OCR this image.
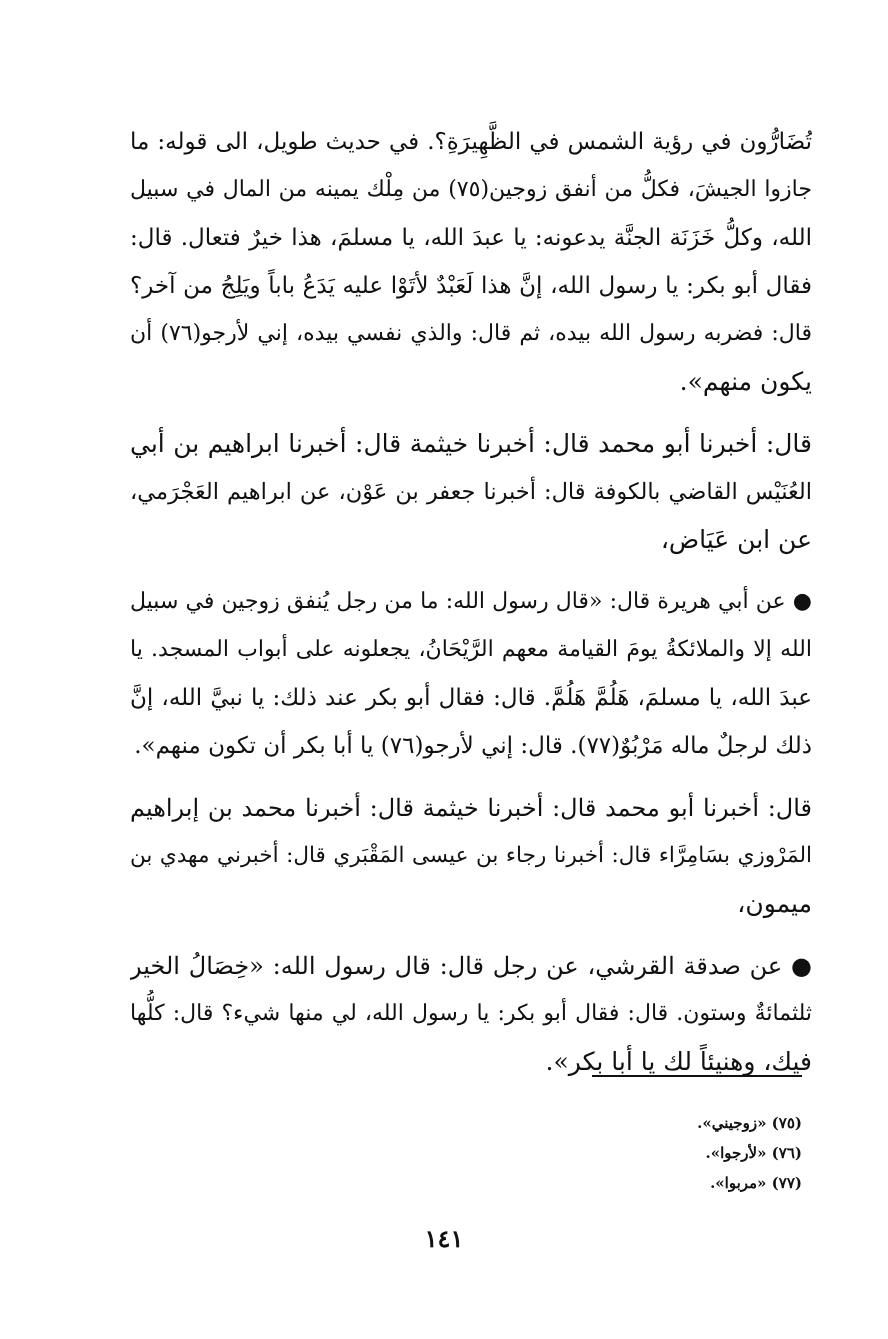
تُضَارُّون في رؤية الشمس في الظَّهِيرَةِ؟. في حديث طويل، الى قوله: ما
جازوا الجيشَ، فكلُّ من أنفق زوجين(٧٥) من مِلْك يمينه من المال في سبيل
الله، وكلُّ خَزَنَة الجنَّة يدعونه: يا عبدَ الله، يا مسلمَ، هذا خيرٌ فتعال. قال:
فقال أبو بكر: يا رسول الله، إنَّ هذا لَعَبْدٌ لأتَوْا عليه يَدَعُ باباً ويَلِجُ من آخر؟
قال: فضربه رسول الله بيده، ثم قال: والذي نفسي بيده، إني لأرجو(٧٦) أن
يكون منهم».
قال: أخبرنا أبو محمد قال: أخبرنا خيثمة قال: أخبرنا ابراهيم بن أبي
العُنَيْس القاضي بالكوفة قال: أخبرنا جعفر بن عَوْن، عن ابراهيم العَجْرَمي،
عن ابن عَيَاض،
● عن أبي هريرة قال: «قال رسول الله: ما من رجل يُنفق زوجين في سبيل
الله إلا والملائكةُ يومَ القيامة معهم الرَّيْحَانُ، يجعلونه على أبواب المسجد. يا
عبدَ الله، يا مسلمَ، هَلُمَّ هَلُمَّ. قال: فقال أبو بكر عند ذلك: يا نبيَّ الله، إنَّ
ذلك لرجلٌ ماله مَرْبُوٌ(٧٧). قال: إني لأرجو(٧٦) يا أبا بكر أن تكون منهم».
قال: أخبرنا أبو محمد قال: أخبرنا خيثمة قال: أخبرنا محمد بن إبراهيم
المَرْوزي بسَامِرَّاء قال: أخبرنا رجاء بن عيسى المَقْبَري قال: أخبرني مهدي بن
ميمون،
● عن صدقة القرشي، عن رجل قال: قال رسول الله: «خِصَالُ الخير
ثلثمائةٌ وستون. قال: فقال أبو بكر: يا رسول الله، لي منها شيء؟ قال: كلُّها
فيك، وهنيئاً لك يا أبا بكر».
(٧٥) «زوجيني».
(٧٦) «لأرجوا».
(٧٧) «مربوا».
١٤١
